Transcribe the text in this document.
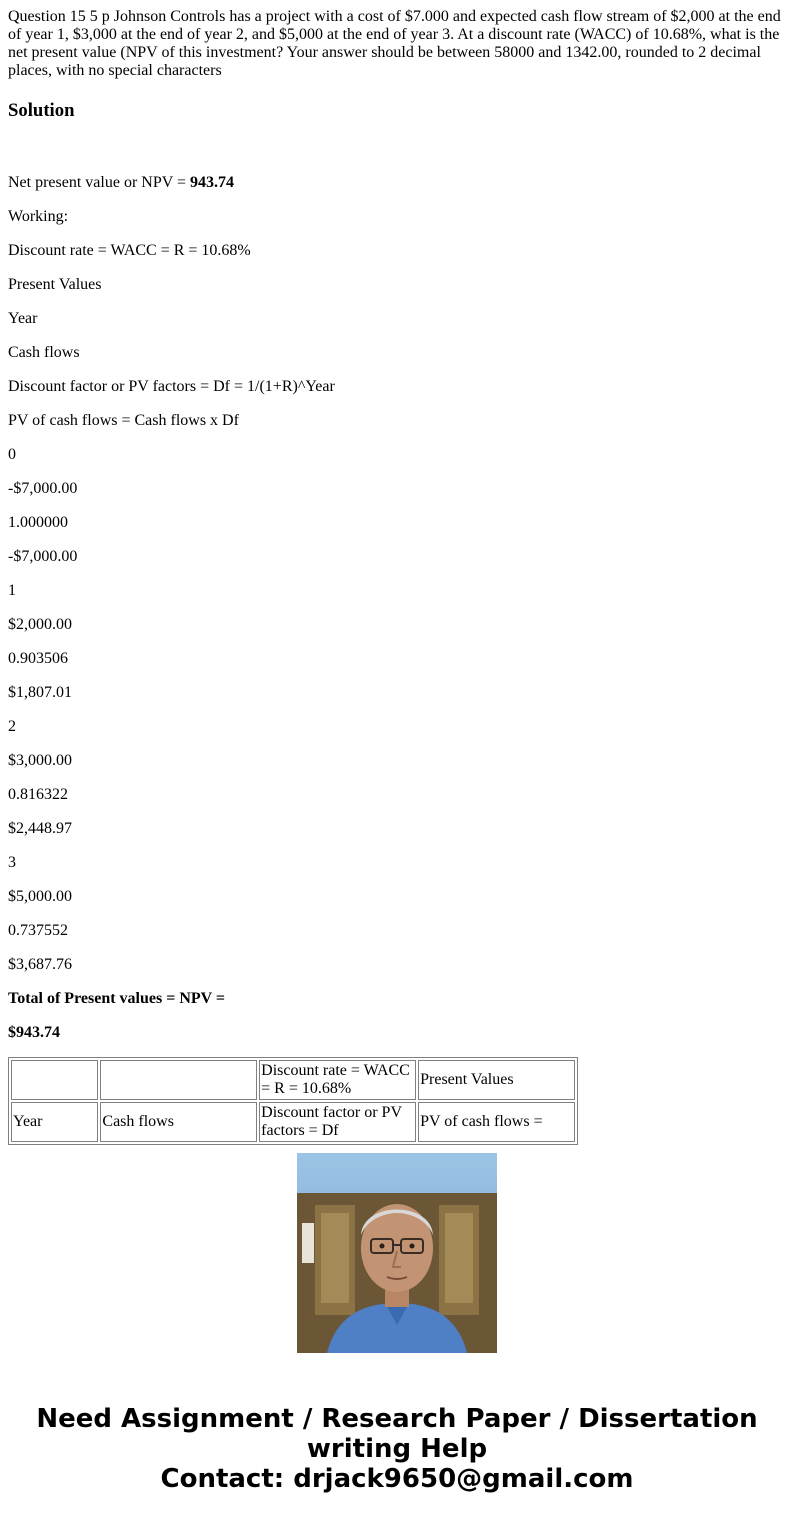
Question 15 5 p Johnson Controls has a project with a cost of $7.000 and expected cash flow stream of $2,000 at the end of year 1, $3,000 at the end of year 2, and $5,000 at the end of year 3. At a discount rate (WACC) of 10.68%, what is the net present value (NPV of this investment? Your answer should be between 58000 and 1342.00, rounded to 2 decimal places, with no special characters

Solution

Net present value or NPV = 943.74

Working:

Discount rate = WACC = R = 10.68%

Present Values

Year

Cash flows

Discount factor or PV factors = Df = 1/(1+R)^Year

PV of cash flows = Cash flows x Df

0

-$7,000.00

1.000000

-$7,000.00

1

$2,000.00

0.903506

$1,807.01

2

$3,000.00

0.816322

$2,448.97

3

$5,000.00

0.737552

$3,687.76

Total of Present values = NPV =

$943.74

		Discount rate = WACC = R = 10.68%	Present Values
Year	Cash flows	Discount factor or PV factors = Df	PV of cash flows =
Need Assignment / Research Paper / Dissertation
writing Help
Contact: drjack9650@gmail.com
